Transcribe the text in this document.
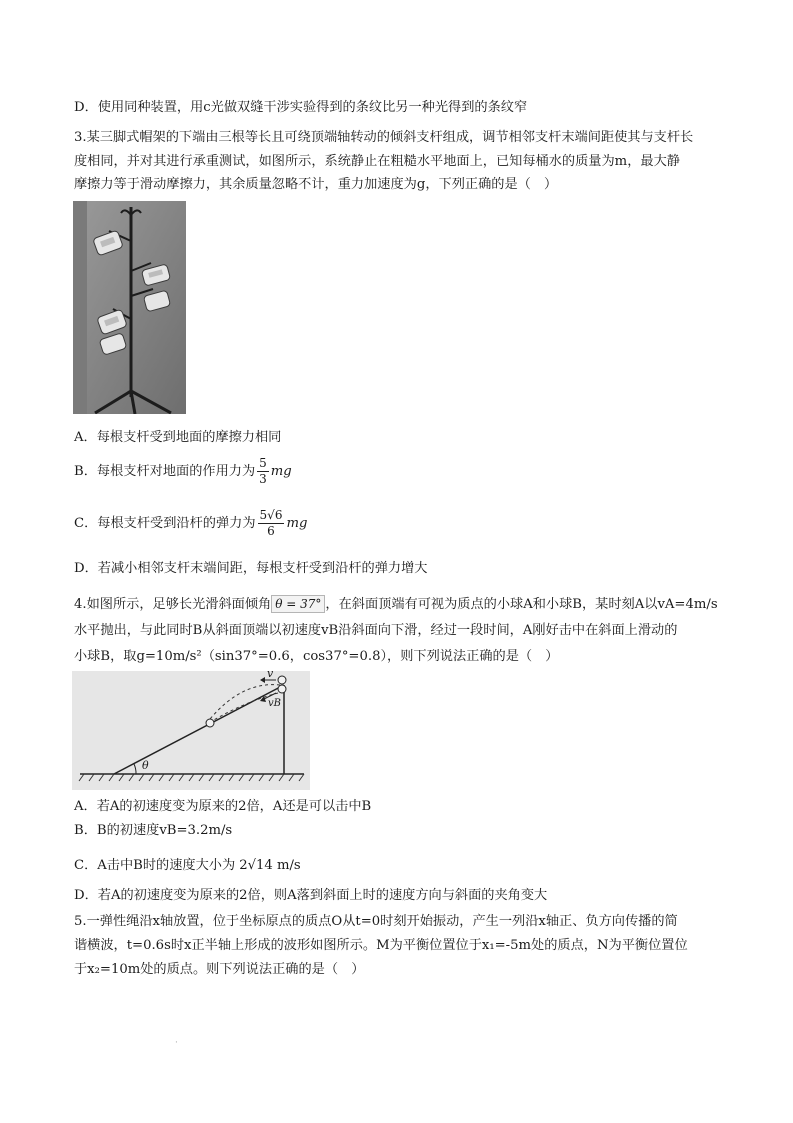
D．使用同种装置，用c光做双缝干涉实验得到的条纹比另一种光得到的条纹窄
3.某三脚式帽架的下端由三根等长且可绕顶端轴转动的倾斜支杆组成，调节相邻支杆末端间距使其与支杆长
度相同，并对其进行承重测试，如图所示，系统静止在粗糙水平地面上，已知每桶水的质量为m，最大静
摩擦力等于滑动摩擦力，其余质量忽略不计，重力加速度为g，下列正确的是（　）
A．每根支杆受到地面的摩擦力相同
B．每根支杆对地面的作用力为 $\frac{5}{3}$ mg
C．每根支杆受到沿杆的弹力为 $\frac{5√6}{6}$ mg
D．若减小相邻支杆末端间距，每根支杆受到沿杆的弹力增大
4.如图所示，足够长光滑斜面倾角 θ = 37° ，在斜面顶端有可视为质点的小球A和小球B，某时刻A以vA=4m/s
水平抛出，与此同时B从斜面顶端以初速度vB沿斜面向下滑，经过一段时间，A刚好击中在斜面上滑动的
小球B，取g=10m/s²（sin37°=0.6，cos37°=0.8），则下列说法正确的是（　）
v
vB
θ
A．若A的初速度变为原来的2倍，A还是可以击中B
B．B的初速度vB=3.2m/s
C．A击中B时的速度大小为 2√14 m/s
D．若A的初速度变为原来的2倍，则A落到斜面上时的速度方向与斜面的夹角变大
5.一弹性绳沿x轴放置，位于坐标原点的质点O从t=0时刻开始振动，产生一列沿x轴正、负方向传播的简
谐横波，t=0.6s时x正半轴上形成的波形如图所示。M为平衡位置位于x₁=-5m处的质点，N为平衡位置位
于x₂=10m处的质点。则下列说法正确的是（　）
·
